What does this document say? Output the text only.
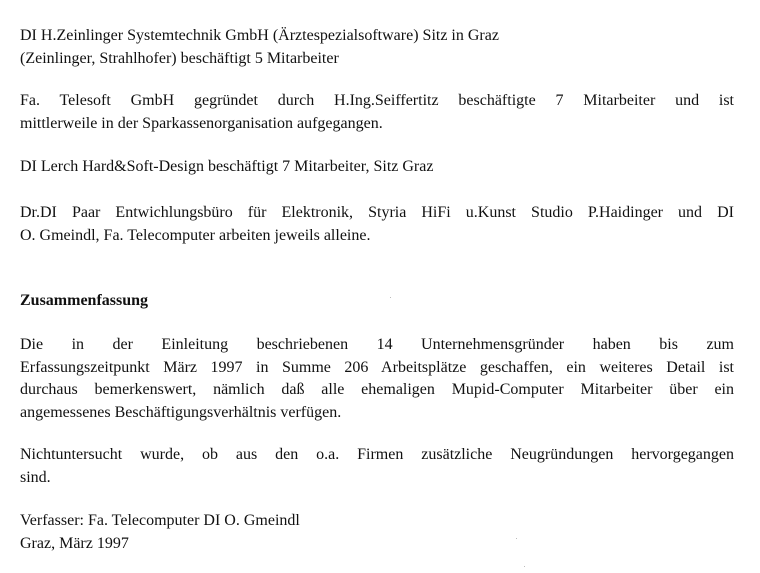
DI H.Zeinlinger Systemtechnik GmbH (Ärztespezialsoftware) Sitz in Graz
(Zeinlinger, Strahlhofer) beschäftigt 5 Mitarbeiter

Fa. Telesoft GmbH gegründet durch H.Ing.Seiffertitz beschäftigte 7 Mitarbeiter und ist
mittlerweile in der Sparkassenorganisation aufgegangen.

DI Lerch Hard&Soft-Design beschäftigt 7 Mitarbeiter, Sitz Graz

Dr.DI Paar Entwichlungsbüro für Elektronik, Styria HiFi u.Kunst Studio P.Haidinger und DI
O. Gmeindl, Fa. Telecomputer arbeiten jeweils alleine.

Zusammenfassung

Die in der Einleitung beschriebenen 14 Unternehmensgründer haben bis zum
Erfassungszeitpunkt März 1997 in Summe 206 Arbeitsplätze geschaffen, ein weiteres Detail ist
durchaus bemerkenswert, nämlich daß alle ehemaligen Mupid-Computer Mitarbeiter über ein
angemessenes Beschäftigungsverhältnis verfügen.

Nichtuntersucht wurde, ob aus den o.a. Firmen zusätzliche Neugründungen hervorgegangen
sind.

Verfasser: Fa. Telecomputer DI O. Gmeindl
Graz, März 1997
